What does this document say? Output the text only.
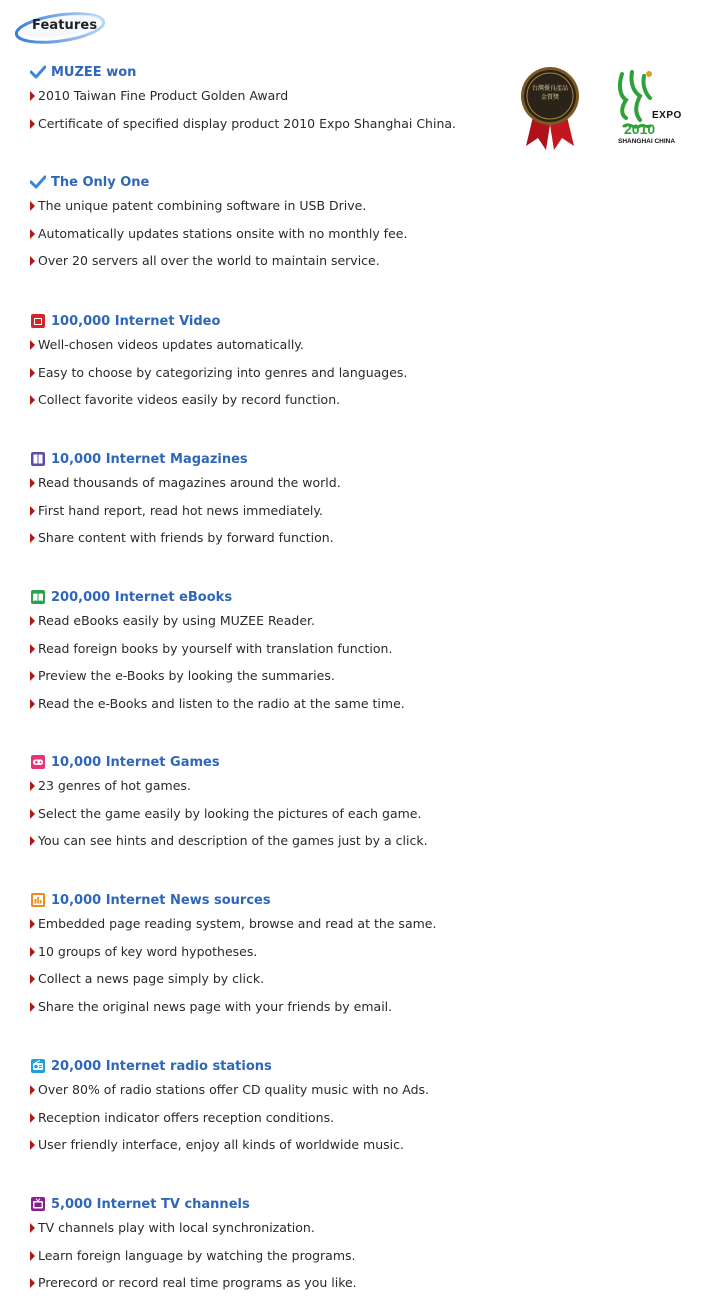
Features
台灣優良產品金質獎
2010
EXPO
SHANGHAI CHINA
MUZEE won
2010 Taiwan Fine Product Golden Award
Certificate of specified display product 2010 Expo Shanghai China.
The Only One
The unique patent combining software in USB Drive.
Automatically updates stations onsite with no monthly fee.
Over 20 servers all over the world to maintain service.
100,000 Internet Video
Well-chosen videos updates automatically.
Easy to choose by categorizing into genres and languages.
Collect favorite videos easily by record function.
10,000 Internet Magazines
Read thousands of magazines around the world.
First hand report, read hot news immediately.
Share content with friends by forward function.
200,000 Internet eBooks
Read eBooks easily by using MUZEE Reader.
Read foreign books by yourself with translation function.
Preview the e-Books by looking the summaries.
Read the e-Books and listen to the radio at the same time.
10,000 Internet Games
23 genres of hot games.
Select the game easily by looking the pictures of each game.
You can see hints and description of the games just by a click.
10,000 Internet News sources
Embedded page reading system, browse and read at the same.
10 groups of key word hypotheses.
Collect a news page simply by click.
Share the original news page with your friends by email.
20,000 Internet radio stations
Over 80% of radio stations offer CD quality music with no Ads.
Reception indicator offers reception conditions.
User friendly interface, enjoy all kinds of worldwide music.
5,000 Internet TV channels
TV channels play with local synchronization.
Learn foreign language by watching the programs.
Prerecord or record real time programs as you like.
